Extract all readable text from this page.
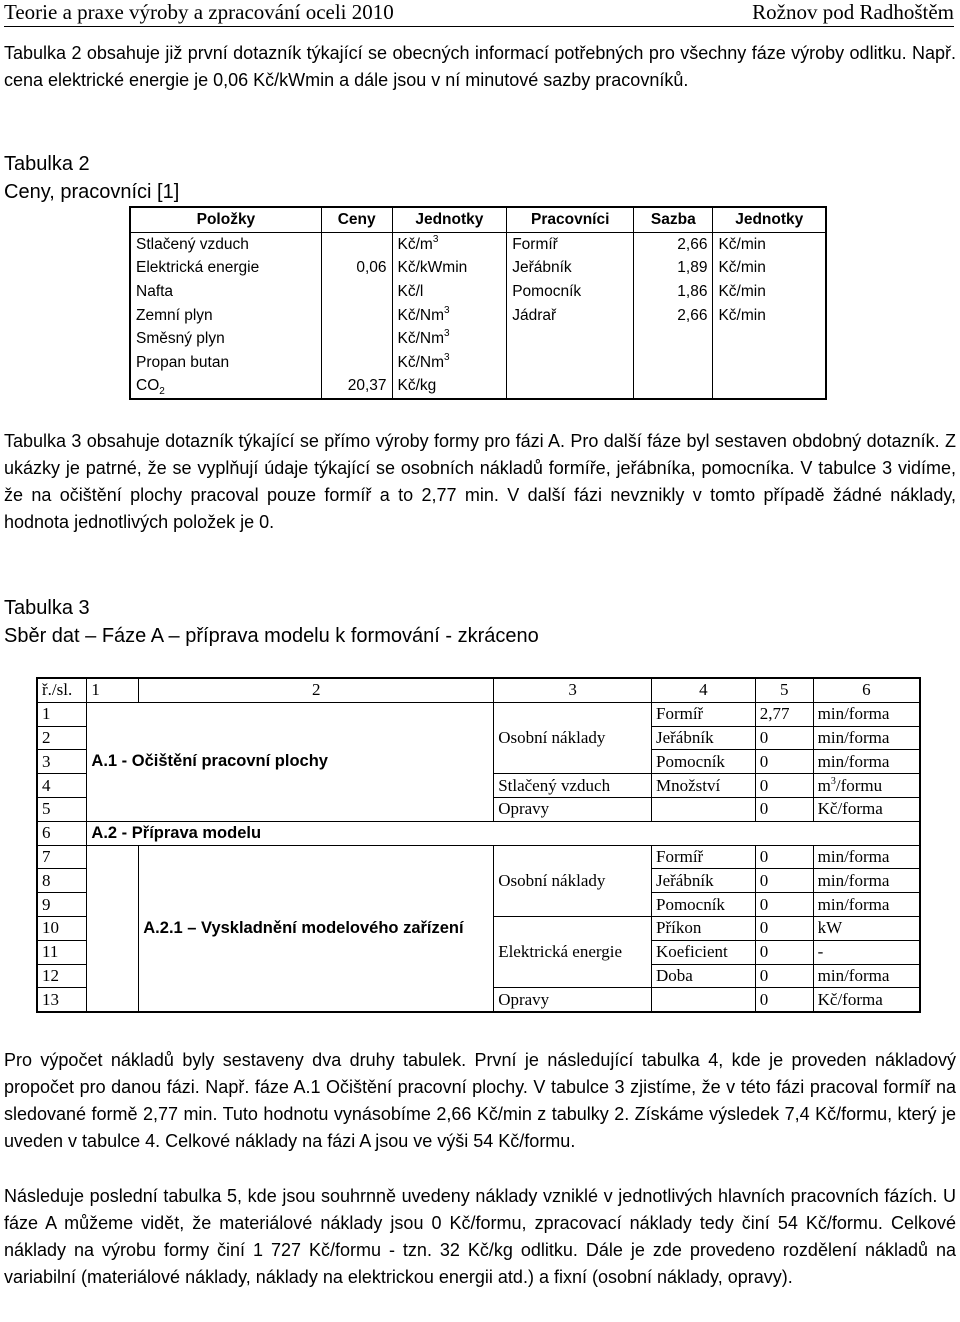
Teorie a praxe výroby a zpracování oceli 2010	Rožnov pod Radhoštěm

Tabulka 2 obsahuje již první dotazník týkající se obecných informací potřebných pro všechny fáze výroby odlitku. Např. cena elektrické energie je 0,06 Kč/kWmin a dále jsou v ní minutové sazby pracovníků.

Tabulka 2
Ceny, pracovníci [1]
Položky	Ceny	Jednotky	Pracovníci	Sazba	Jednotky
Stlačený vzduch		$Kč/m^3$	Formíř	2,66	Kč/min
Elektrická energie	0,06	Kč/kWmin	Jeřábník	1,89	Kč/min
Nafta		Kč/l	Pomocník	1,86	Kč/min
Zemní plyn		Kč/Nm$^3$	Jádrař	2,66	Kč/min
Směsný plyn		Kč/Nm$^3$			
Propan butan		Kč/Nm$^3$			
$CO_2$	20,37	Kč/kg			

Tabulka 3 obsahuje dotazník týkající se přímo výroby formy pro fázi A. Pro další fáze byl sestaven obdobný dotazník. Z ukázky je patrné, že se vyplňují údaje týkající se osobních nákladů formíře, jeřábníka, pomocníka. V tabulce 3 vidíme, že na očištění plochy pracoval pouze formíř a to 2,77 min. V další fázi nevznikly v tomto případě žádné náklady, hodnota jednotlivých položek je 0.

Tabulka 3
Sběr dat – Fáze A – příprava modelu k formování - zkráceno
ř./sl.	1	2	3	4	5	6
1	A.1 - Očištění pracovní plochy			Formíř	2,77	min/forma
2			Osobní náklady	Jeřábník	0	min/forma
3				Pomocník	0	min/forma
4			Stlačený vzduch	Množství	0	$m^3$/formu
5			Opravy		0	Kč/forma
6	A.2 - Příprava modelu					
7		A.2.1 – Vyskladnění modelového zařízení		Formíř	0	min/forma
8			Osobní náklady	Jeřábník	0	min/forma
9				Pomocník	0	min/forma
10				Příkon	0	kW
11			Elektrická energie	Koeficient	0	-
12				Doba	0	min/forma
13			Opravy		0	Kč/forma

Pro výpočet nákladů byly sestaveny dva druhy tabulek. První je následující tabulka 4, kde je proveden nákladový propočet pro danou fázi. Např. fáze A.1 Očištění pracovní plochy. V tabulce 3 zjistíme, že v této fázi pracoval formíř na sledované formě 2,77 min. Tuto hodnotu vynásobíme 2,66 Kč/min z tabulky 2. Získáme výsledek 7,4 Kč/formu, který je uveden v tabulce 4. Celkové náklady na fázi A jsou ve výši 54 Kč/formu.

Následuje poslední tabulka 5, kde jsou souhrnně uvedeny náklady vzniklé v jednotlivých hlavních pracovních fázích. U fáze A můžeme vidět, že materiálové náklady jsou 0 Kč/formu, zpracovací náklady tedy činí 54 Kč/formu. Celkové náklady na výrobu formy činí 1 727 Kč/formu - tzn. 32 Kč/kg odlitku. Dále je zde provedeno rozdělení nákladů na variabilní (materiálové náklady, náklady na elektrickou energii atd.) a fixní (osobní náklady, opravy).
